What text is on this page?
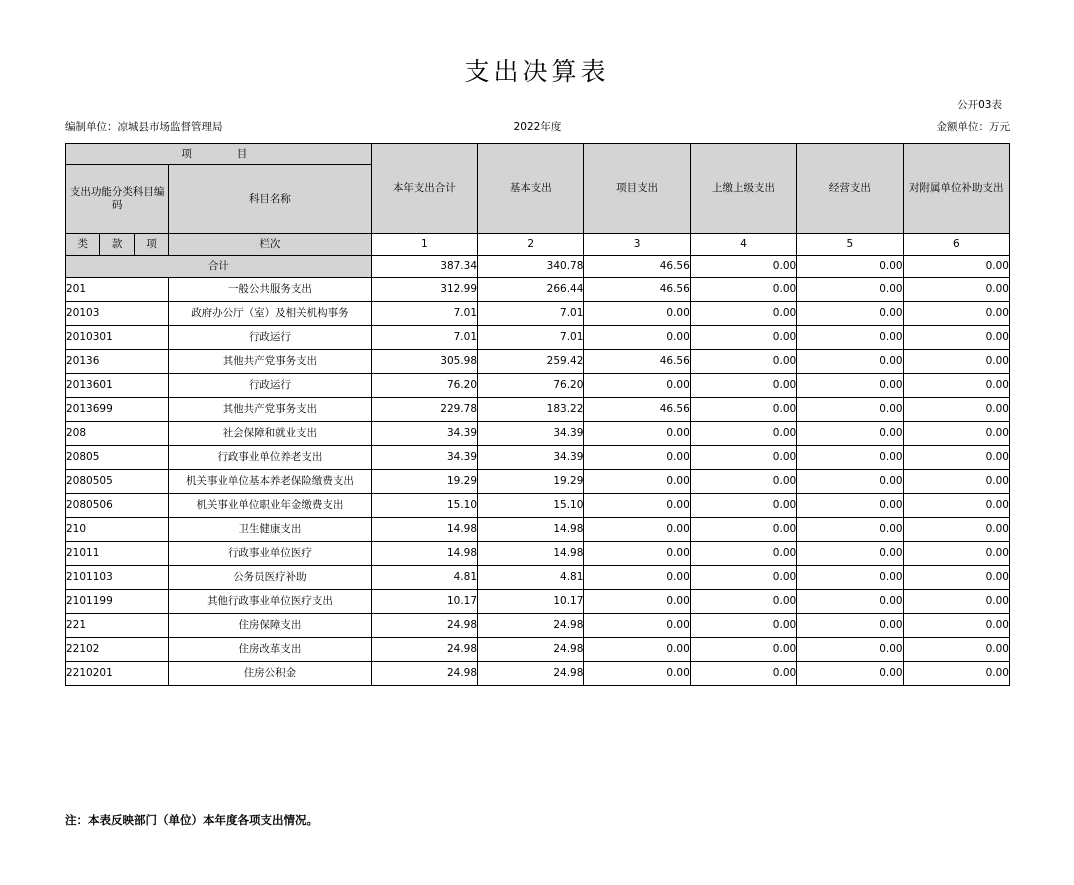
支出决算表
公开03表
编制单位：凉城县市场监督管理局	2022年度	金额单位：万元
项　　目				本年支出合计	基本支出	项目支出	上缴上级支出	经营支出	对附属单位补助支出
支出功能分类科目编码			科目名称						
类	款	项	栏次	1	2	3	4	5	6
合计				387.34	340.78	46.56	0.00	0.00	0.00
201			一般公共服务支出	312.99	266.44	46.56	0.00	0.00	0.00
20103			政府办公厅（室）及相关机构事务	7.01	7.01	0.00	0.00	0.00	0.00
2010301			行政运行	7.01	7.01	0.00	0.00	0.00	0.00
20136			其他共产党事务支出	305.98	259.42	46.56	0.00	0.00	0.00
2013601			行政运行	76.20	76.20	0.00	0.00	0.00	0.00
2013699			其他共产党事务支出	229.78	183.22	46.56	0.00	0.00	0.00
208			社会保障和就业支出	34.39	34.39	0.00	0.00	0.00	0.00
20805			行政事业单位养老支出	34.39	34.39	0.00	0.00	0.00	0.00
2080505			机关事业单位基本养老保险缴费支出	19.29	19.29	0.00	0.00	0.00	0.00
2080506			机关事业单位职业年金缴费支出	15.10	15.10	0.00	0.00	0.00	0.00
210			卫生健康支出	14.98	14.98	0.00	0.00	0.00	0.00
21011			行政事业单位医疗	14.98	14.98	0.00	0.00	0.00	0.00
2101103			公务员医疗补助	4.81	4.81	0.00	0.00	0.00	0.00
2101199			其他行政事业单位医疗支出	10.17	10.17	0.00	0.00	0.00	0.00
221			住房保障支出	24.98	24.98	0.00	0.00	0.00	0.00
22102			住房改革支出	24.98	24.98	0.00	0.00	0.00	0.00
2210201			住房公积金	24.98	24.98	0.00	0.00	0.00	0.00
注：本表反映部门（单位）本年度各项支出情况。
